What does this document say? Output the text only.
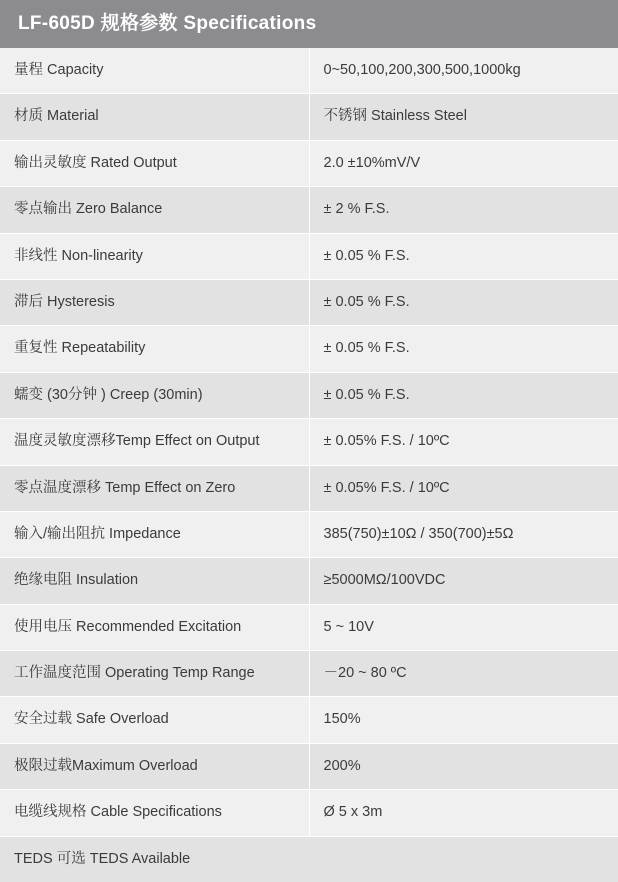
LF-605D 规格参数 Specifications	
量程 Capacity	0~50,100,200,300,500,1000kg
材质 Material	不锈钢 Stainless Steel
输出灵敏度 Rated Output	2.0 ±10%mV/V
零点输出 Zero Balance	± 2 % F.S.
非线性 Non-linearity	± 0.05 % F.S.
滞后 Hysteresis	± 0.05 % F.S.
重复性 Repeatability	± 0.05 % F.S.
蠕变 (30分钟 ) Creep (30min)	± 0.05 % F.S.
温度灵敏度漂移Temp Effect on Output	± 0.05% F.S. / 10ºC
零点温度漂移 Temp Effect on Zero	± 0.05% F.S. / 10ºC
输入/输出阻抗 Impedance	385(750)±10Ω / 350(700)±5Ω
绝缘电阻 Insulation	≥5000MΩ/100VDC
使用电压 Recommended Excitation	5 ~ 10V
工作温度范围 Operating Temp Range	－20 ~ 80 ºC
安全过载 Safe Overload	150%
极限过载Maximum Overload	200%
电缆线规格 Cable Specifications	Ø 5 x 3m
TEDS 可选 TEDS Available	
